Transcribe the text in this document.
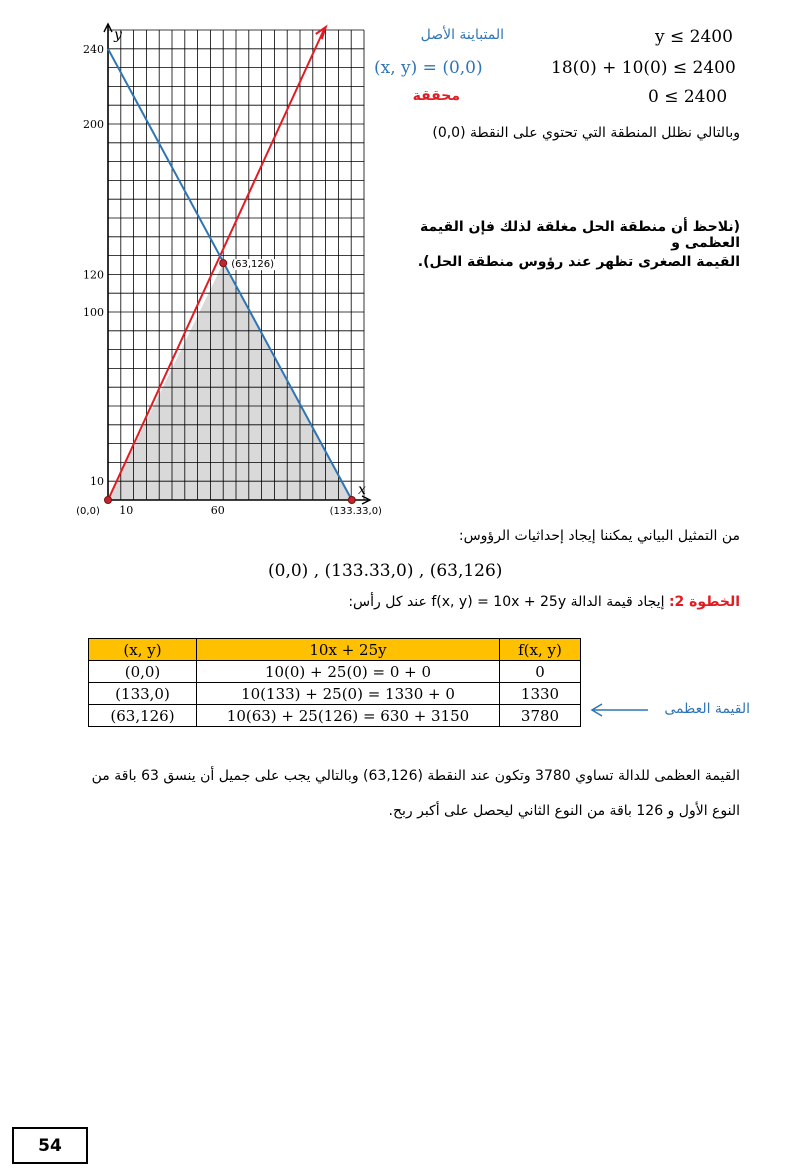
y
x
10
100
120
200
240
10	60
(0,0)
(63,126)
(133.33,0)
y ≤ 2400
المتباينة الأصل
(x, y) = (0,0)	18(0) + 10(0) ≤ 2400
محققة	0 ≤ 2400
وبالتالي نظلل المنطقة التي تحتوي على النقطة (0,0)
(نلاحظ أن منطقة الحل مغلقة لذلك فإن القيمة العظمى و
القيمة الصغرى تظهر عند رؤوس منطقة الحل).
من التمثيل البياني يمكننا إيجاد إحداثيات الرؤوس:
(0,0) , (133.33,0) , (63,126)
الخطوة 2: إيجاد قيمة الدالة f(x, y) = 10x + 25y عند كل رأس:
(x, y)	10x + 25y	f(x, y)
(0,0)	10(0) + 25(0) = 0 + 0	0
(133,0)	10(133) + 25(0) = 1330 + 0	1330
(63,126)	10(63) + 25(126) = 630 + 3150	3780	القيمة العظمى
القيمة العظمى للدالة تساوي 3780 وتكون عند النقطة (63,126) وبالتالي يجب على جميل أن ينسق 63 باقة من
النوع الأول و 126 باقة من النوع الثاني ليحصل على أكبر ربح.
54
